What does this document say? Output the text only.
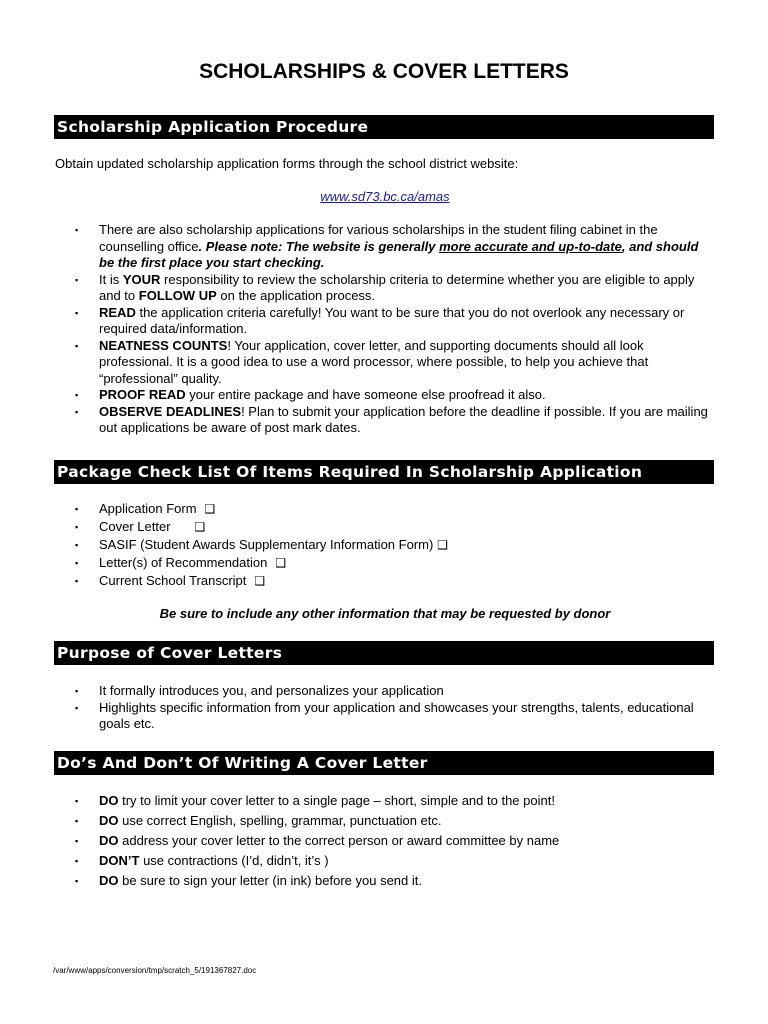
SCHOLARSHIPS & COVER LETTERS
Scholarship Application Procedure

Obtain updated scholarship application forms through the school district website:

www.sd73.bc.ca/amas

▪ There are also scholarship applications for various scholarships in the student filing cabinet in the counselling office. Please note: The website is generally more accurate and up-to-date, and should be the first place you start checking.
▪ It is YOUR responsibility to review the scholarship criteria to determine whether you are eligible to apply and to FOLLOW UP on the application process.
▪ READ the application criteria carefully! You want to be sure that you do not overlook any necessary or required data/information.
▪ NEATNESS COUNTS! Your application, cover letter, and supporting documents should all look professional. It is a good idea to use a word processor, where possible, to help you achieve that “professional” quality.
▪ PROOF READ your entire package and have someone else proofread it also.
▪ OBSERVE DEADLINES! Plan to submit your application before the deadline if possible. If you are mailing out applications be aware of post mark dates.
Package Check List Of Items Required In Scholarship Application
▪ Application Form ❑
▪ Cover Letter ❑
▪ SASIF (Student Awards Supplementary Information Form) ❑
▪ Letter(s) of Recommendation ❑
▪ Current School Transcript ❑

Be sure to include any other information that may be requested by donor

Purpose of Cover Letters
▪ It formally introduces you, and personalizes your application
▪ Highlights specific information from your application and showcases your strengths, talents, educational goals etc.
Do’s And Don’t Of Writing A Cover Letter
▪ DO try to limit your cover letter to a single page – short, simple and to the point!
▪ DO use correct English, spelling, grammar, punctuation etc.
▪ DO address your cover letter to the correct person or award committee by name
▪ DON’T use contractions (I’d, didn’t, it’s )
▪ DO be sure to sign your letter (in ink) before you send it.
/var/www/apps/conversion/tmp/scratch_5/191367827.doc
